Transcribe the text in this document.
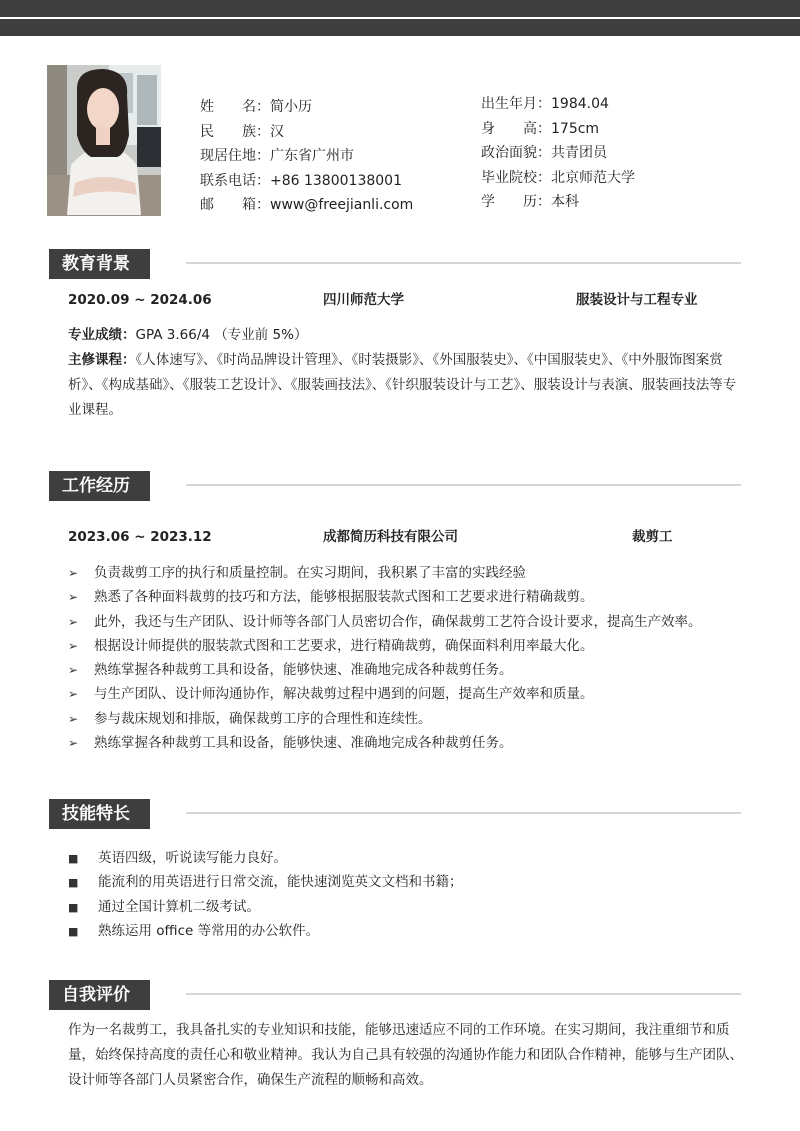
姓名：简小历
民族：汉
现居住地：广东省广州市
联系电话：+86 13800138001
邮箱：www@freejianli.com
出生年月：1984.04
身高：175cm
政治面貌：共青团员
毕业院校：北京师范大学
学历：本科
教育背景
2020.09 ~ 2024.06	四川师范大学	服装设计与工程专业
专业成绩：GPA 3.66/4 （专业前 5%）
主修课程：《人体速写》、《时尚品牌设计管理》、《时装摄影》、《外国服装史》、《中国服装史》、《中外服饰图案赏析》、《构成基础》、《服装工艺设计》、《服装画技法》、《针织服装设计与工艺》、服装设计与表演、服装画技法等专业课程。
工作经历
2023.06 ~ 2023.12	成都简历科技有限公司	裁剪工
➢ 负责裁剪工序的执行和质量控制。在实习期间，我积累了丰富的实践经验
➢ 熟悉了各种面料裁剪的技巧和方法，能够根据服装款式图和工艺要求进行精确裁剪。
➢ 此外，我还与生产团队、设计师等各部门人员密切合作，确保裁剪工艺符合设计要求，提高生产效率。
➢ 根据设计师提供的服装款式图和工艺要求，进行精确裁剪，确保面料利用率最大化。
➢ 熟练掌握各种裁剪工具和设备，能够快速、准确地完成各种裁剪任务。
➢ 与生产团队、设计师沟通协作，解决裁剪过程中遇到的问题，提高生产效率和质量。
➢ 参与裁床规划和排版，确保裁剪工序的合理性和连续性。
➢ 熟练掌握各种裁剪工具和设备，能够快速、准确地完成各种裁剪任务。
技能特长
■ 英语四级，听说读写能力良好。
■ 能流利的用英语进行日常交流，能快速浏览英文文档和书籍；
■ 通过全国计算机二级考试。
■ 熟练运用 office 等常用的办公软件。
自我评价
作为一名裁剪工，我具备扎实的专业知识和技能，能够迅速适应不同的工作环境。在实习期间，我注重细节和质量，始终保持高度的责任心和敬业精神。我认为自己具有较强的沟通协作能力和团队合作精神，能够与生产团队、设计师等各部门人员紧密合作，确保生产流程的顺畅和高效。
